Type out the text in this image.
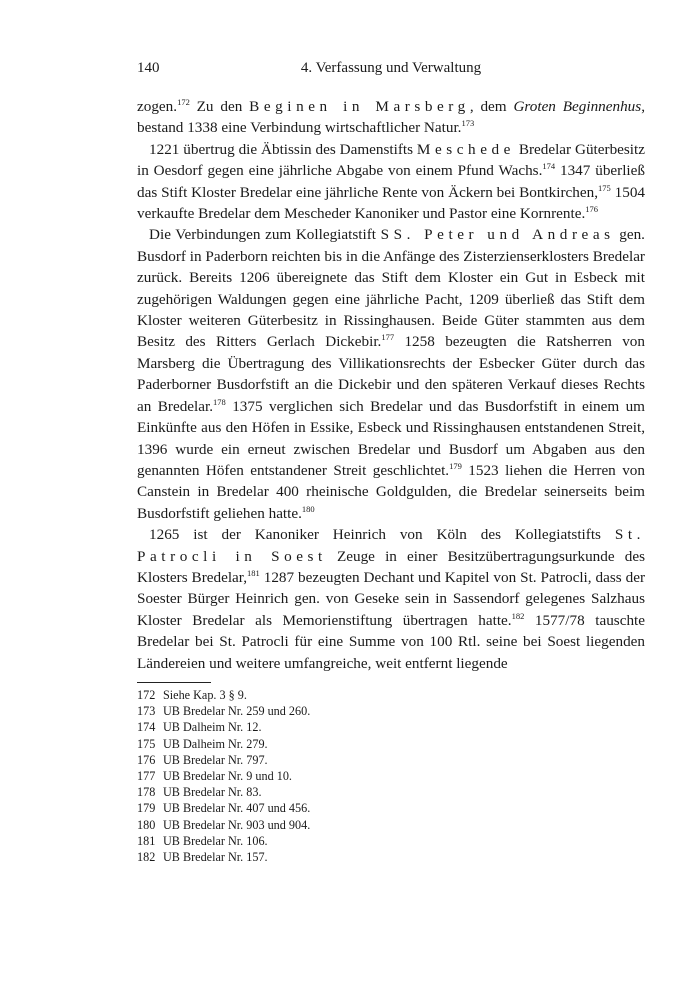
4. Verfassung und Verwaltung
140

zogen.$^{172}$ Zu den Beginen in Marsberg, dem Groten Beginnenhus, bestand 1338 eine Verbindung wirtschaftlicher Natur.$^{173}$

1221 übertrug die Äbtissin des Damenstifts Meschede Bredelar Güterbesitz in Oesdorf gegen eine jährliche Abgabe von einem Pfund Wachs.$^{174}$ 1347 überließ das Stift Kloster Bredelar eine jährliche Rente von Äckern bei Bontkirchen,$^{175}$ 1504 verkaufte Bredelar dem Mescheder Kanoniker und Pastor eine Kornrente.$^{176}$

Die Verbindungen zum Kollegiatstift SS. Peter und Andreas gen. Busdorf in Paderborn reichten bis in die Anfänge des Zisterzienserklosters Bredelar zurück. Bereits 1206 übereignete das Stift dem Kloster ein Gut in Esbeck mit zugehörigen Waldungen gegen eine jährliche Pacht, 1209 überließ das Stift dem Kloster weiteren Güterbesitz in Rissinghausen. Beide Güter stammten aus dem Besitz des Ritters Gerlach Dickebir.$^{177}$ 1258 bezeugten die Ratsherren von Marsberg die Übertragung des Villikationsrechts der Esbecker Güter durch das Paderborner Busdorfstift an die Dickebir und den späteren Verkauf dieses Rechts an Bredelar.$^{178}$ 1375 verglichen sich Bredelar und das Busdorfstift in einem um Einkünfte aus den Höfen in Essike, Esbeck und Rissinghausen entstandenen Streit, 1396 wurde ein erneut zwischen Bredelar und Busdorf um Abgaben aus den genannten Höfen entstandener Streit geschlichtet.$^{179}$ 1523 liehen die Herren von Canstein in Bredelar 400 rheinische Goldgulden, die Bredelar seinerseits beim Busdorfstift geliehen hatte.$^{180}$

1265 ist der Kanoniker Heinrich von Köln des Kollegiatstifts St. Patrocli in Soest Zeuge in einer Besitzübertragungsurkunde des Klosters Bredelar,$^{181}$ 1287 bezeugten Dechant und Kapitel von St. Patrocli, dass der Soester Bürger Heinrich gen. von Geseke sein in Sassendorf gelegenes Salzhaus Kloster Bredelar als Memorienstiftung übertragen hatte.$^{182}$ 1577/78 tauschte Bredelar bei St. Patrocli für eine Summe von 100 Rtl. seine bei Soest liegenden Ländereien und weitere umfangreiche, weit entfernt liegende

172 Siehe Kap. 3 § 9.
173 UB Bredelar Nr. 259 und 260.
174 UB Dalheim Nr. 12.
175 UB Dalheim Nr. 279.
176 UB Bredelar Nr. 797.
177 UB Bredelar Nr. 9 und 10.
178 UB Bredelar Nr. 83.
179 UB Bredelar Nr. 407 und 456.
180 UB Bredelar Nr. 903 und 904.
181 UB Bredelar Nr. 106.
182 UB Bredelar Nr. 157.
